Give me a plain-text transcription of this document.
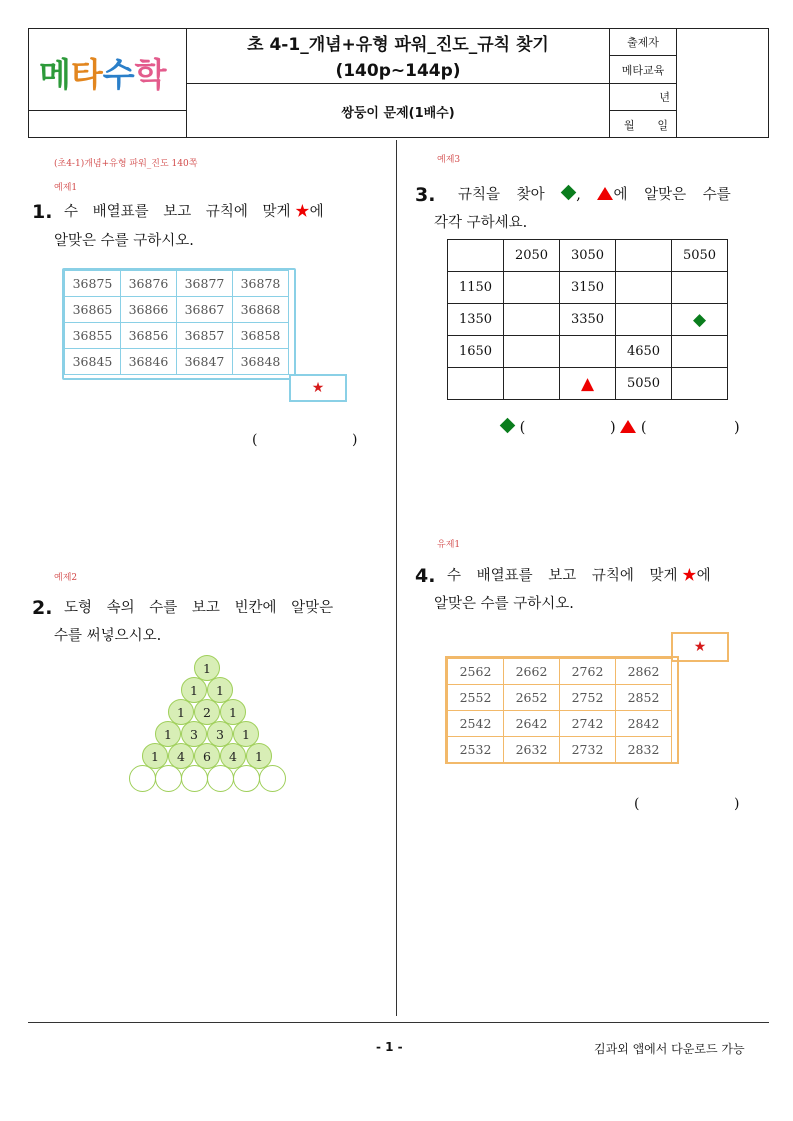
메 타 수 학
초 4-1_개념+유형 파워_진도_규칙 찾기
(140p~144p)
쌍둥이 문제(1배수)
출제자
메타교육
년
월 일
(초4-1)개념+유형 파워_진도 140쪽
예제1
1. 수 배열표를 보고 규칙에 맞게 ★에
알맞은 수를 구하시오.
36875	36876	36877	36878
36865	36866	36867	36868
36855	36856	36857	36858
36845	36846	36847	36848
★
(	)
예제2
2. 도형 속의 수를 보고 빈칸에 알맞은
수를 써넣으시오.
1
1	1
1	2	1
1	3	3	1
1	4	6	4	1
예제3
3. 규칙을 찾아 , 에 알맞은 수를
각각 구하세요.
	2050	3050		5050
1150		3150		
1350		3350		◆
1650			4650	
		▲	5050	
(	) (	)
유제1
4. 수 배열표를 보고 규칙에 맞게 ★에
알맞은 수를 구하시오.
★
2562	2662	2762	2862
2552	2652	2752	2852
2542	2642	2742	2842
2532	2632	2732	2832
(	)
- 1 -	김과외 앱에서 다운로드 가능
